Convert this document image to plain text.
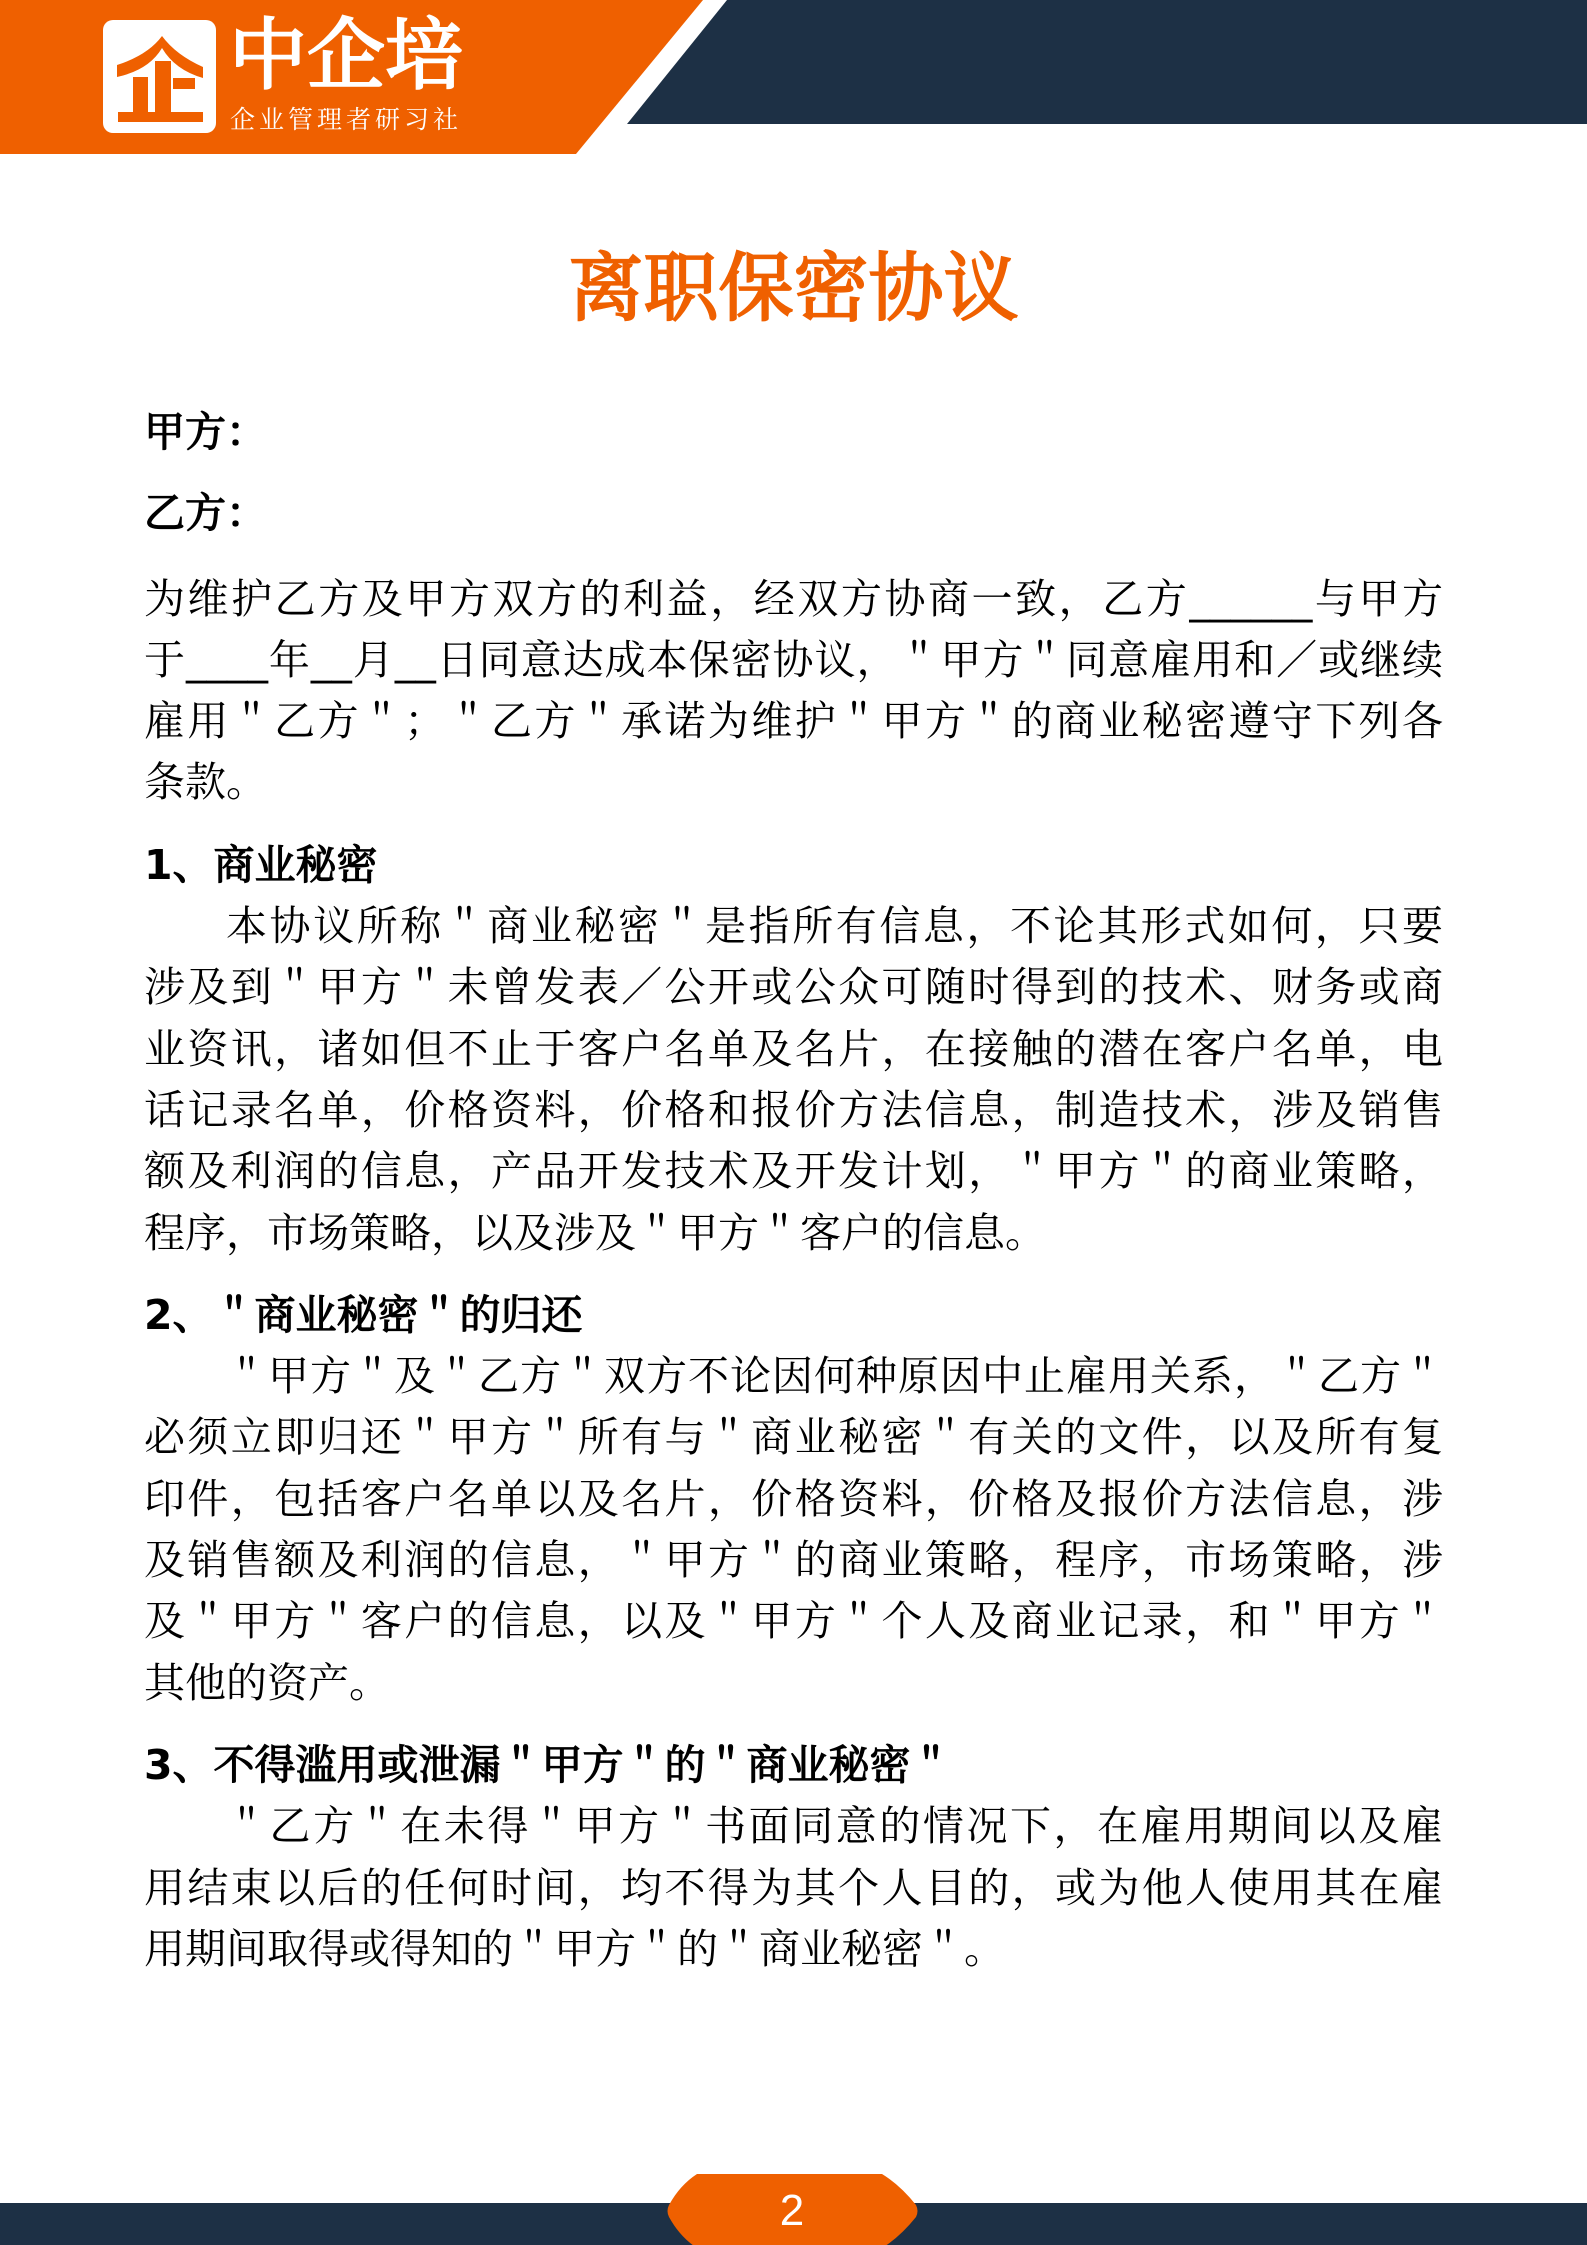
中企培
企业管理者研习社
离职保密协议
甲方：
乙方：
为维护乙方及甲方双方的利益，经双方协商一致，乙方______与甲方
于____年__月__日同意达成本保密协议，＂甲方＂同意雇用和／或继续
雇用＂乙方＂；＂乙方＂承诺为维护＂甲方＂的商业秘密遵守下列各
条款。
1、商业秘密
本协议所称＂商业秘密＂是指所有信息，不论其形式如何，只要
涉及到＂甲方＂未曾发表／公开或公众可随时得到的技术、财务或商
业资讯，诸如但不止于客户名单及名片，在接触的潜在客户名单，电
话记录名单，价格资料，价格和报价方法信息，制造技术，涉及销售
额及利润的信息，产品开发技术及开发计划，＂甲方＂的商业策略，
程序，市场策略，以及涉及＂甲方＂客户的信息。
2、＂商业秘密＂的归还
＂甲方＂及＂乙方＂双方不论因何种原因中止雇用关系，＂乙方＂
必须立即归还＂甲方＂所有与＂商业秘密＂有关的文件，以及所有复
印件，包括客户名单以及名片，价格资料，价格及报价方法信息，涉
及销售额及利润的信息，＂甲方＂的商业策略，程序，市场策略，涉
及＂甲方＂客户的信息，以及＂甲方＂个人及商业记录，和＂甲方＂
其他的资产。
3、不得滥用或泄漏＂甲方＂的＂商业秘密＂
＂乙方＂在未得＂甲方＂书面同意的情况下，在雇用期间以及雇
用结束以后的任何时间，均不得为其个人目的，或为他人使用其在雇
用期间取得或得知的＂甲方＂的＂商业秘密＂。
2
